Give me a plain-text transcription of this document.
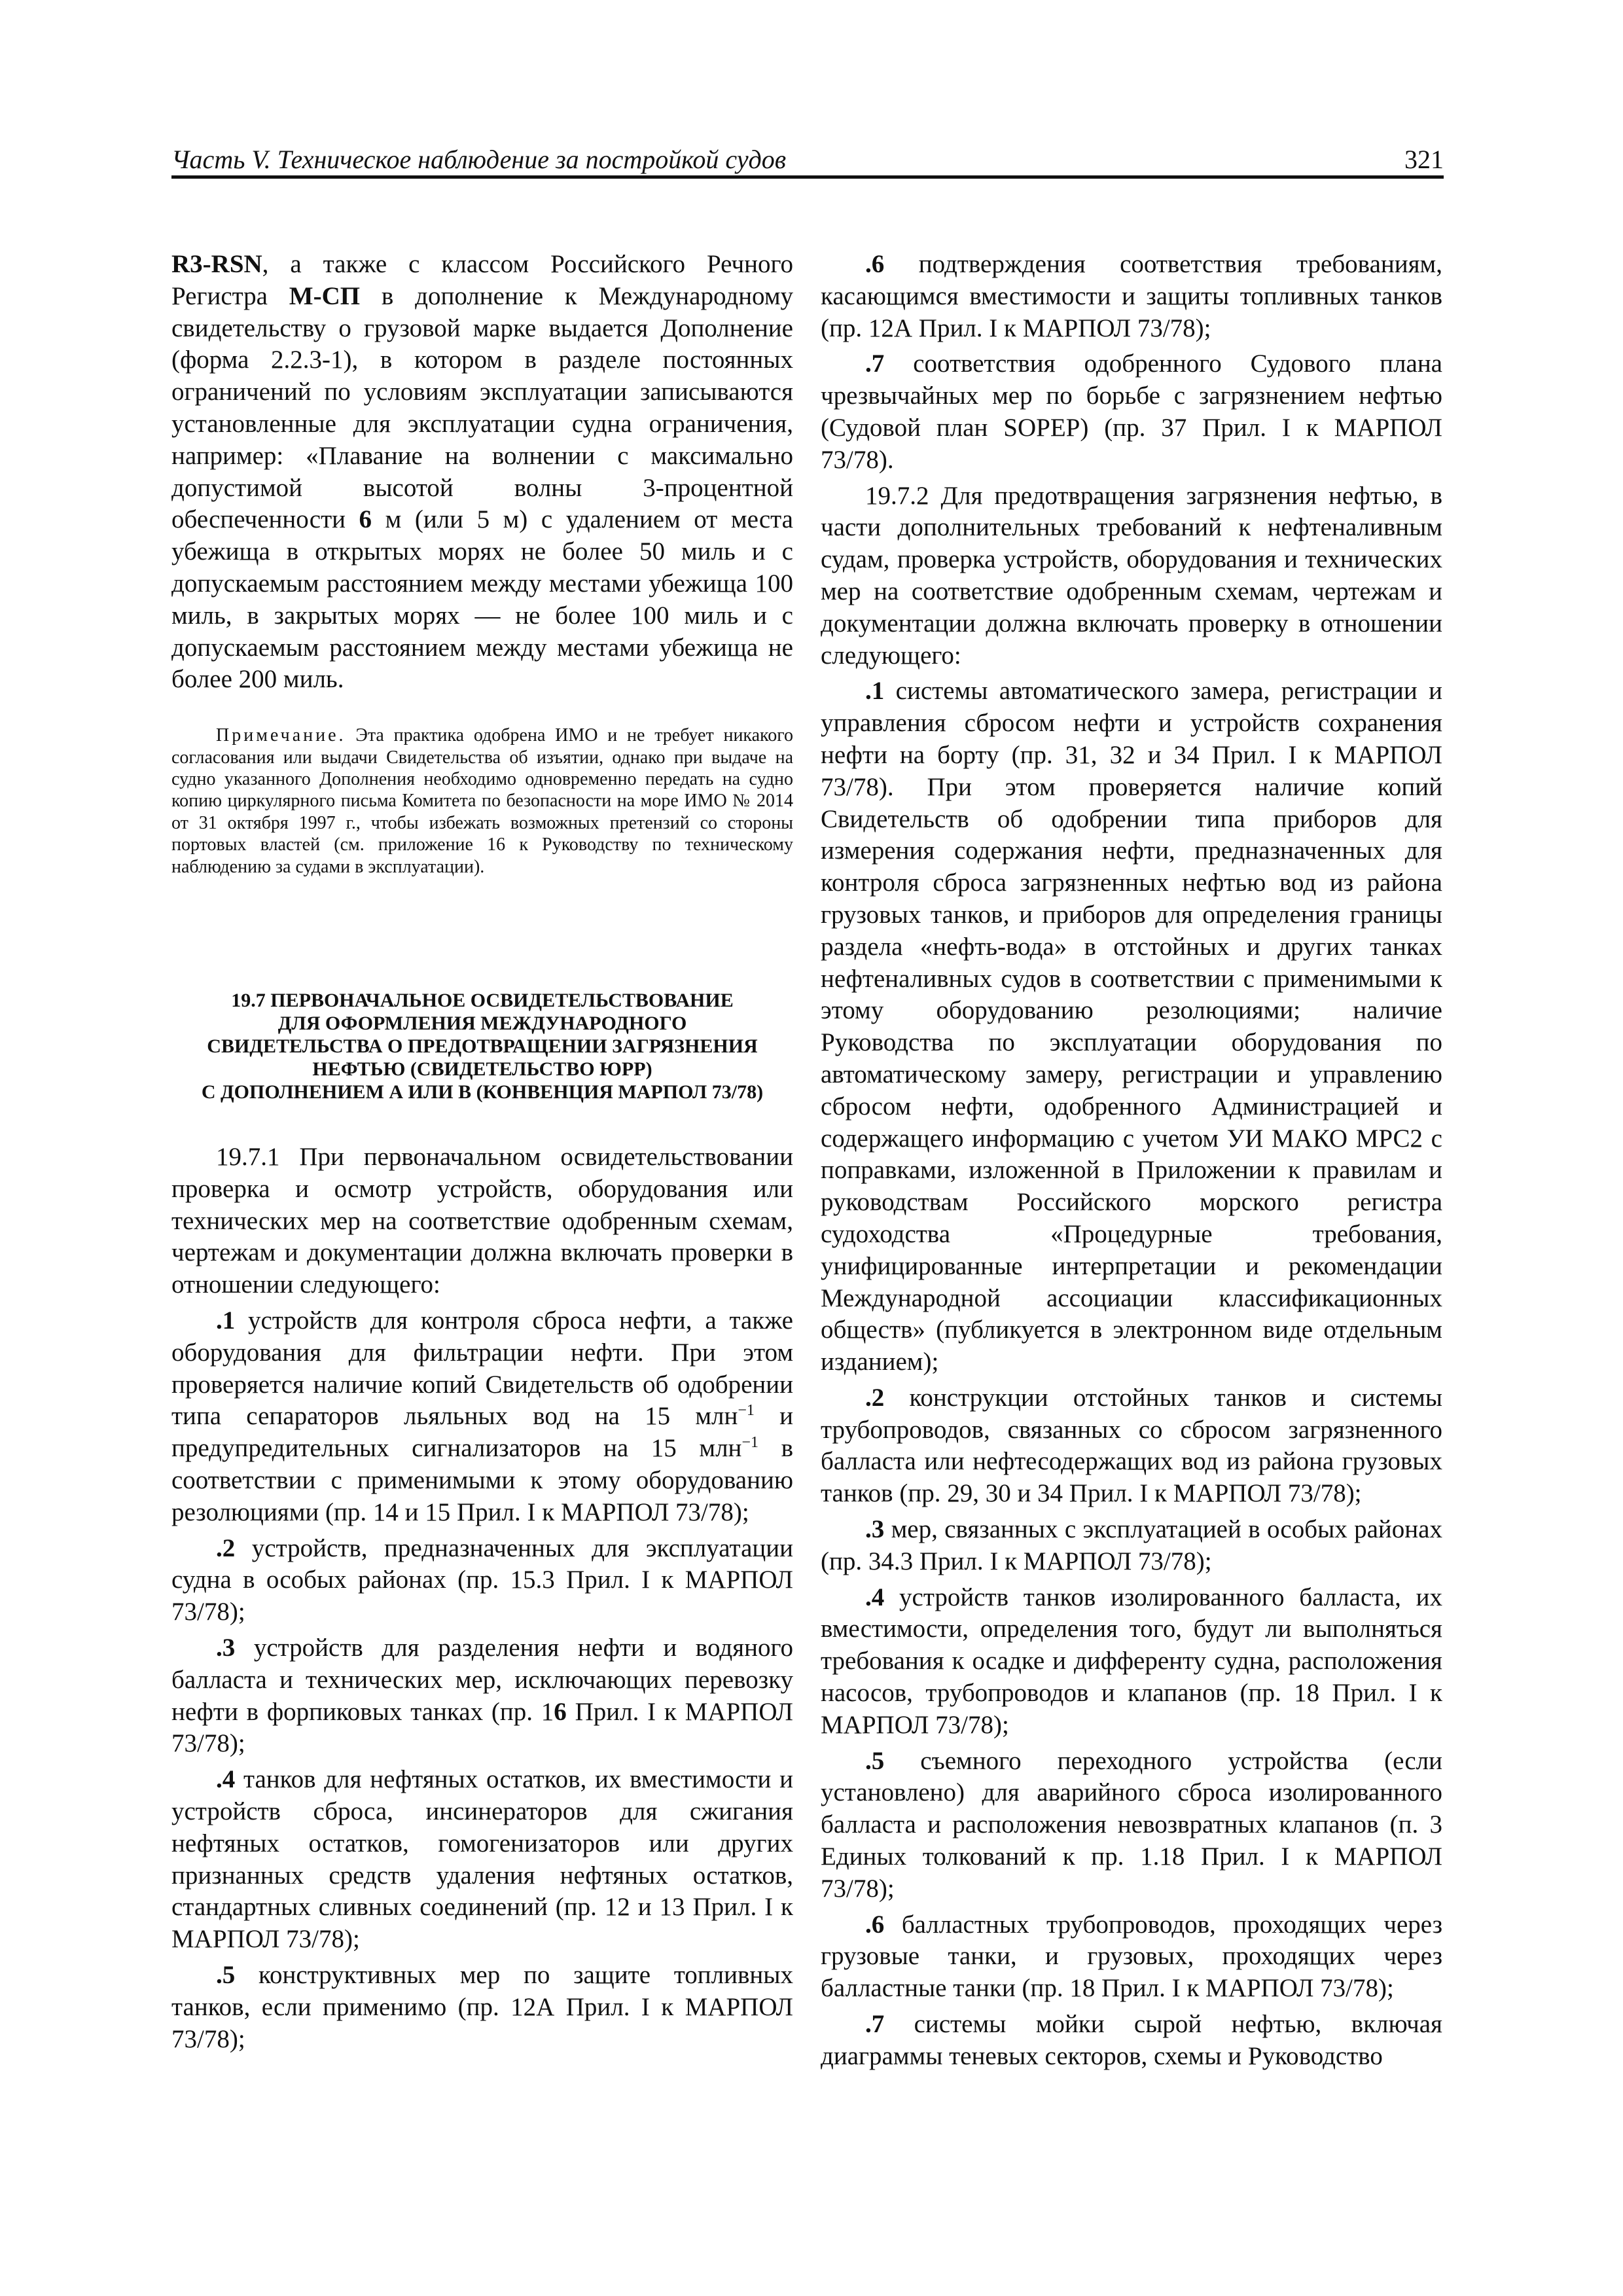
Часть V. Техническое наблюдение за постройкой судов	321

R3-RSN, а также с классом Российского Речного Регистра М-СП в дополнение к Международному свидетельству о грузовой марке выдается Дополнение (форма 2.2.3-1), в котором в разделе постоянных ограничений по условиям эксплуатации записываются установленные для эксплуатации судна ограничения, например: «Плавание на волнении с максимально допустимой высотой волны 3-процентной обеспеченности 6 м (или 5 м) с удалением от места убежища в открытых морях не более 50 миль и с допускаемым расстоянием между местами убежища 100 миль, в закрытых морях — не более 100 миль и с допускаемым расстоянием между местами убежища не более 200 миль.

Примечание. Эта практика одобрена ИМО и не требует никакого согласования или выдачи Свидетельства об изъятии, однако при выдаче на судно указанного Дополнения необходимо одновременно передать на судно копию циркулярного письма Комитета по безопасности на море ИМО № 2014 от 31 октября 1997 г., чтобы избежать возможных претензий со стороны портовых властей (см. приложение 16 к Руководству по техническому наблюдению за судами в эксплуатации).

19.7 ПЕРВОНАЧАЛЬНОЕ ОСВИДЕТЕЛЬСТВОВАНИЕ
ДЛЯ ОФОРМЛЕНИЯ МЕЖДУНАРОДНОГО
СВИДЕТЕЛЬСТВА О ПРЕДОТВРАЩЕНИИ ЗАГРЯЗНЕНИЯ
НЕФТЬЮ (СВИДЕТЕЛЬСТВО ЮРР)
С ДОПОЛНЕНИЕМ А ИЛИ В (КОНВЕНЦИЯ МАРПОЛ 73/78)

19.7.1 При первоначальном освидетельствовании проверка и осмотр устройств, оборудования или технических мер на соответствие одобренным схемам, чертежам и документации должна включать проверки в отношении следующего:

.1 устройств для контроля сброса нефти, а также оборудования для фильтрации нефти. При этом проверяется наличие копий Свидетельств об одобрении типа сепараторов льяльных вод на 15 млн$^{-1}$ и предупредительных сигнализаторов на 15 млн$^{-1}$ в соответствии с применимыми к этому оборудованию резолюциями (пр. 14 и 15 Прил. I к МАРПОЛ 73/78);

.2 устройств, предназначенных для эксплуатации судна в особых районах (пр. 15.3 Прил. I к МАРПОЛ 73/78);

.3 устройств для разделения нефти и водяного балласта и технических мер, исключающих перевозку нефти в форпиковых танках (пр. 16 Прил. I к МАРПОЛ 73/78);

.4 танков для нефтяных остатков, их вместимости и устройств сброса, инсинераторов для сжигания нефтяных остатков, гомогенизаторов или других признанных средств удаления нефтяных остатков, стандартных сливных соединений (пр. 12 и 13 Прил. I к МАРПОЛ 73/78);

.5 конструктивных мер по защите топливных танков, если применимо (пр. 12А Прил. I к МАРПОЛ 73/78);

.6 подтверждения соответствия требованиям, касающимся вместимости и защиты топливных танков (пр. 12А Прил. I к МАРПОЛ 73/78);

.7 соответствия одобренного Судового плана чрезвычайных мер по борьбе с загрязнением нефтью (Судовой план SOPEP) (пр. 37 Прил. I к МАРПОЛ 73/78).

19.7.2 Для предотвращения загрязнения нефтью, в части дополнительных требований к нефтеналивным судам, проверка устройств, оборудования и технических мер на соответствие одобренным схемам, чертежам и документации должна включать проверку в отношении следующего:

.1 системы автоматического замера, регистрации и управления сбросом нефти и устройств сохранения нефти на борту (пр. 31, 32 и 34 Прил. I к МАРПОЛ 73/78). При этом проверяется наличие копий Свидетельств об одобрении типа приборов для измерения содержания нефти, предназначенных для контроля сброса загрязненных нефтью вод из района грузовых танков, и приборов для определения границы раздела «нефть-вода» в отстойных и других танках нефтеналивных судов в соответствии с применимыми к этому оборудованию резолюциями; наличие Руководства по эксплуатации оборудования по автоматическому замеру, регистрации и управлению сбросом нефти, одобренного Администрацией и содержащего информацию с учетом УИ МАКО МРС2 с поправками, изложенной в Приложении к правилам и руководствам Российского морского регистра судоходства «Процедурные требования, унифицированные интерпретации и рекомендации Международной ассоциации классификационных обществ» (публикуется в электронном виде отдельным изданием);

.2 конструкции отстойных танков и системы трубопроводов, связанных со сбросом загрязненного балласта или нефтесодержащих вод из района грузовых танков (пр. 29, 30 и 34 Прил. I к МАРПОЛ 73/78);

.3 мер, связанных с эксплуатацией в особых районах (пр. 34.3 Прил. I к МАРПОЛ 73/78);

.4 устройств танков изолированного балласта, их вместимости, определения того, будут ли выполняться требования к осадке и дифференту судна, расположения насосов, трубопроводов и клапанов (пр. 18 Прил. I к МАРПОЛ 73/78);

.5 съемного переходного устройства (если установлено) для аварийного сброса изолированного балласта и расположения невозвратных клапанов (п. 3 Единых толкований к пр. 1.18 Прил. I к МАРПОЛ 73/78);

.6 балластных трубопроводов, проходящих через грузовые танки, и грузовых, проходящих через балластные танки (пр. 18 Прил. I к МАРПОЛ 73/78);

.7 системы мойки сырой нефтью, включая диаграммы теневых секторов, схемы и Руководство
